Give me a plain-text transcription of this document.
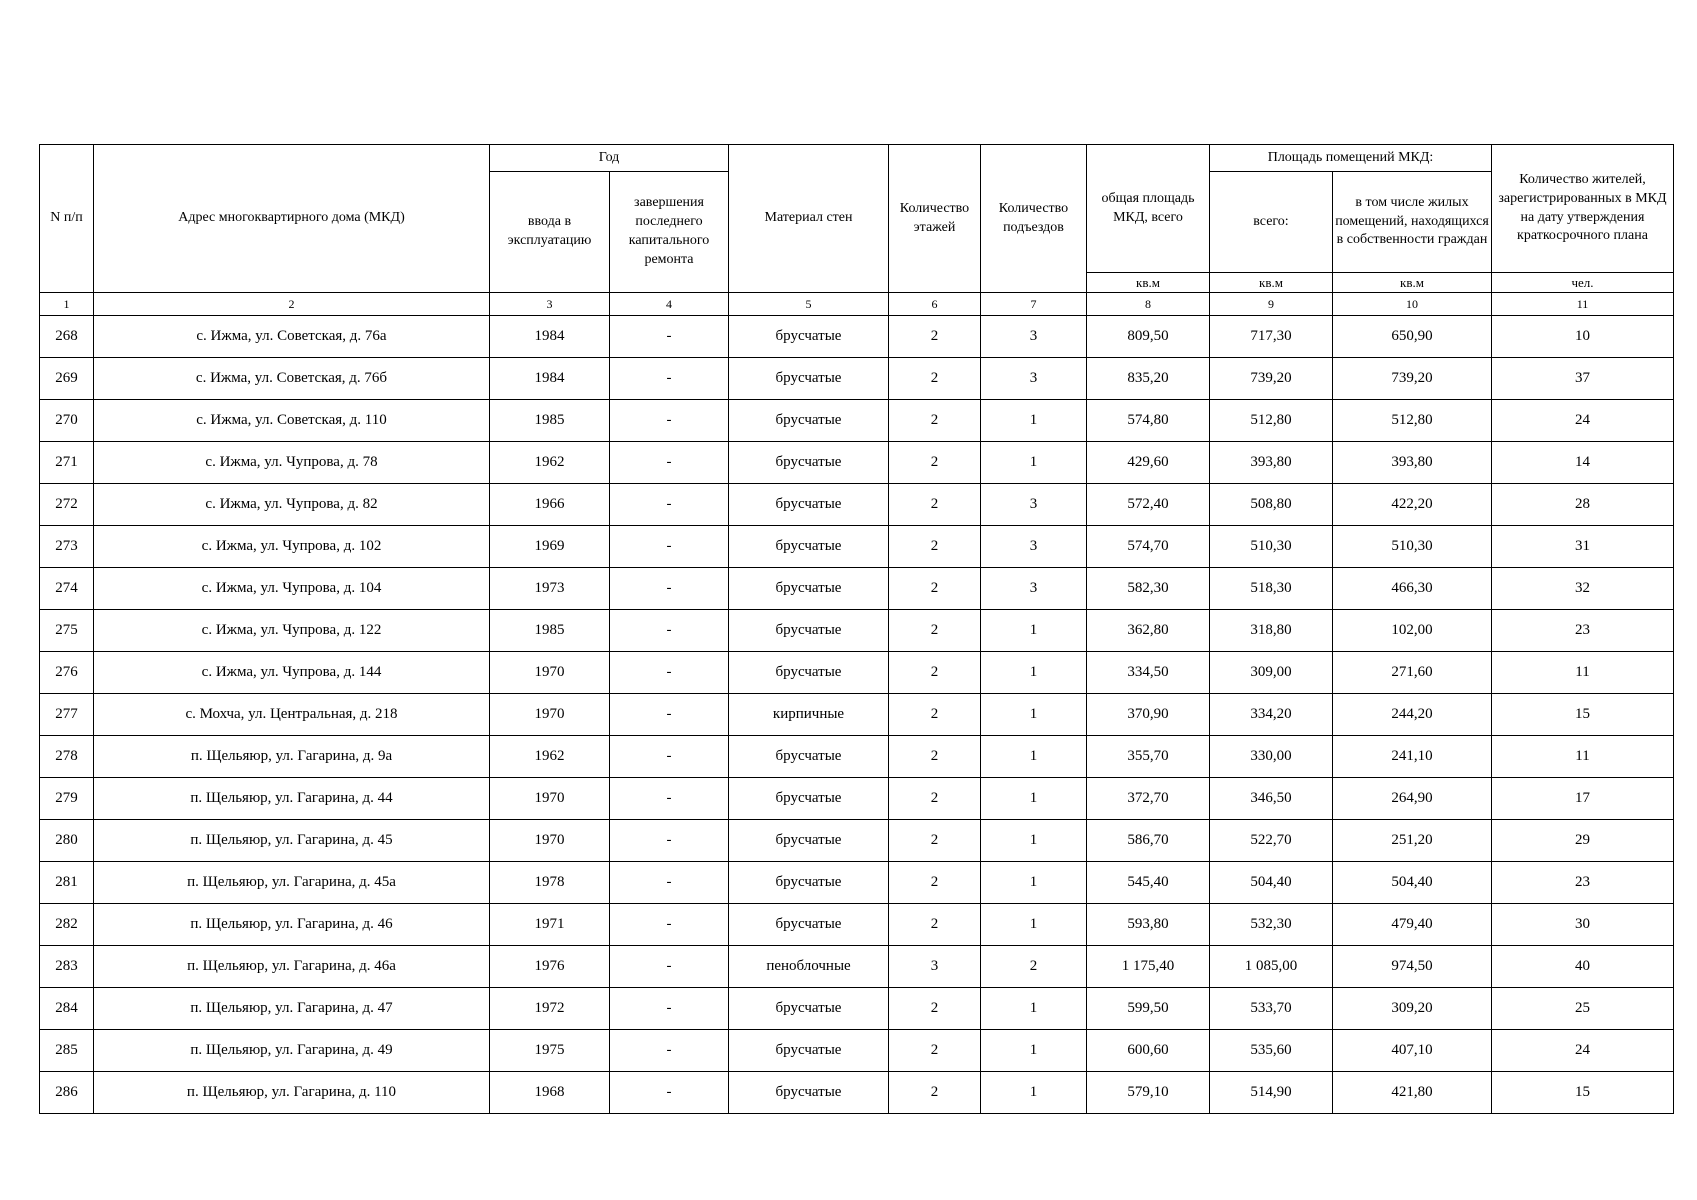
N п/п	Адрес многоквартирного дома (МКД)	Год		Материал стен	Количество этажей	Количество подъездов	общая площадь МКД, всего	Площадь помещений МКД:		Количество жителей, зарегистрированных в МКД на дату утверждения краткосрочного плана
		ввода в эксплуатацию	завершения последнего капитального ремонта					всего:	в том числе жилых помещений, находящихся в собственности граждан	
							кв.м	кв.м	кв.м	чел.
1	2	3	4	5	6	7	8	9	10	11
268	с. Ижма, ул. Советская, д. 76а	1984	-	брусчатые	2	3	809,50	717,30	650,90	10
269	с. Ижма, ул. Советская, д. 76б	1984	-	брусчатые	2	3	835,20	739,20	739,20	37
270	с. Ижма, ул. Советская, д. 110	1985	-	брусчатые	2	1	574,80	512,80	512,80	24
271	с. Ижма, ул. Чупрова, д. 78	1962	-	брусчатые	2	1	429,60	393,80	393,80	14
272	с. Ижма, ул. Чупрова, д. 82	1966	-	брусчатые	2	3	572,40	508,80	422,20	28
273	с. Ижма, ул. Чупрова, д. 102	1969	-	брусчатые	2	3	574,70	510,30	510,30	31
274	с. Ижма, ул. Чупрова, д. 104	1973	-	брусчатые	2	3	582,30	518,30	466,30	32
275	с. Ижма, ул. Чупрова, д. 122	1985	-	брусчатые	2	1	362,80	318,80	102,00	23
276	с. Ижма, ул. Чупрова, д. 144	1970	-	брусчатые	2	1	334,50	309,00	271,60	11
277	с. Мохча, ул. Центральная, д. 218	1970	-	кирпичные	2	1	370,90	334,20	244,20	15
278	п. Щельяюр, ул. Гагарина, д. 9а	1962	-	брусчатые	2	1	355,70	330,00	241,10	11
279	п. Щельяюр, ул. Гагарина, д. 44	1970	-	брусчатые	2	1	372,70	346,50	264,90	17
280	п. Щельяюр, ул. Гагарина, д. 45	1970	-	брусчатые	2	1	586,70	522,70	251,20	29
281	п. Щельяюр, ул. Гагарина, д. 45а	1978	-	брусчатые	2	1	545,40	504,40	504,40	23
282	п. Щельяюр, ул. Гагарина, д. 46	1971	-	брусчатые	2	1	593,80	532,30	479,40	30
283	п. Щельяюр, ул. Гагарина, д. 46а	1976	-	пеноблочные	3	2	1 175,40	1 085,00	974,50	40
284	п. Щельяюр, ул. Гагарина, д. 47	1972	-	брусчатые	2	1	599,50	533,70	309,20	25
285	п. Щельяюр, ул. Гагарина, д. 49	1975	-	брусчатые	2	1	600,60	535,60	407,10	24
286	п. Щельяюр, ул. Гагарина, д. 110	1968	-	брусчатые	2	1	579,10	514,90	421,80	15
